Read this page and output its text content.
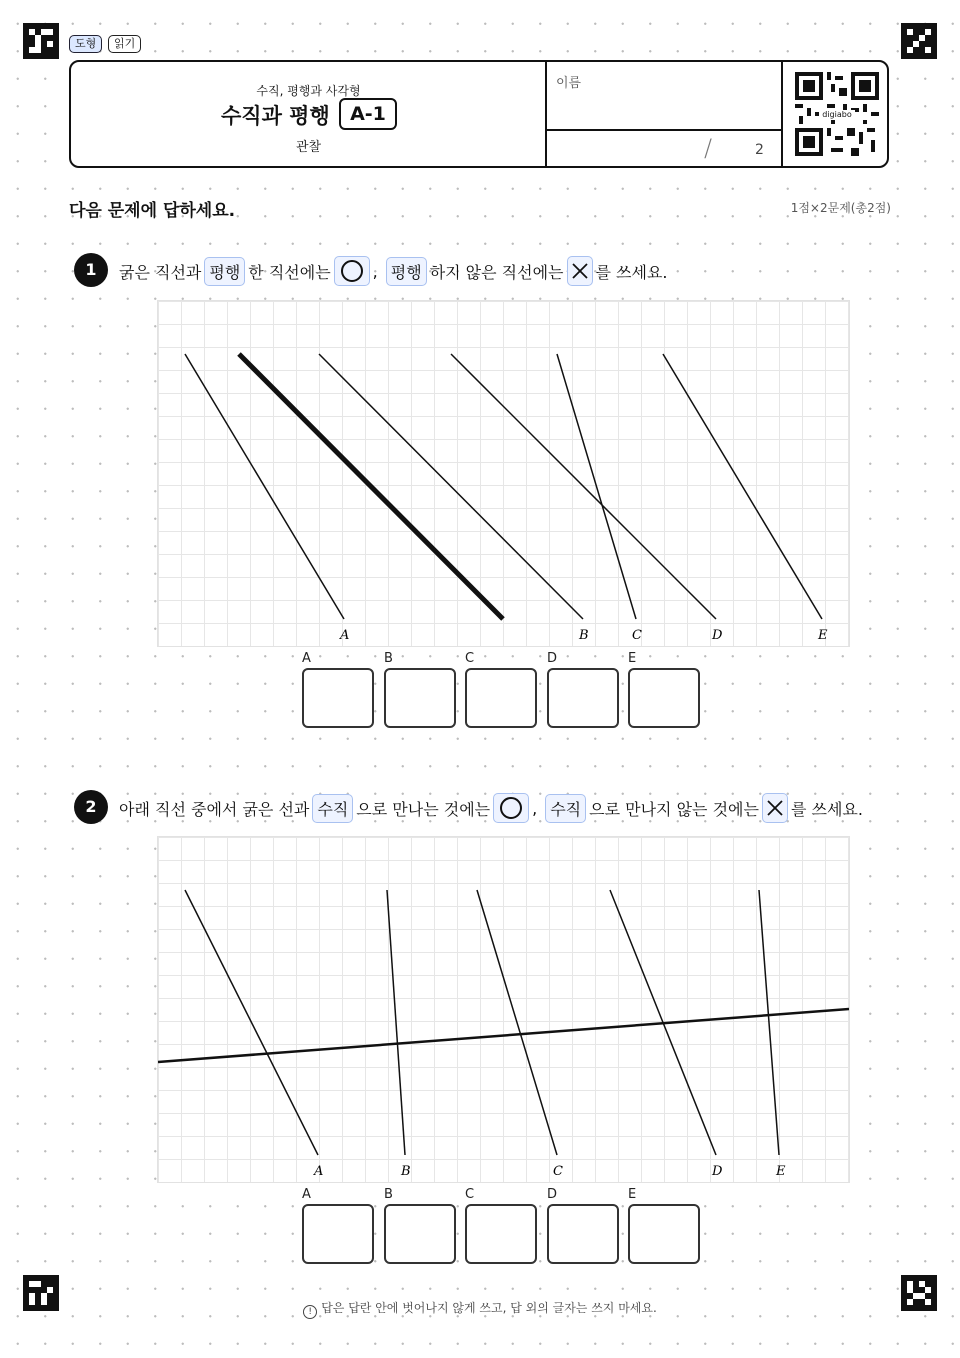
도형	읽기
수직, 평행과 사각형
수직과 평행	A-1
관찰
이름
/	2
digiabo
다음 문제에 답하세요.	1점×2문제(총2점)
1	굵은 직선과 평행 한 직선에는	, 평행 하지 않은 직선에는 를 쓰세요.
A	B	C	D	E
A	B	C	D	E
2	아래 직선 중에서 굵은 선과 수직 으로 만나는 것에는	, 수직 으로 만나지 않는 것에는 를 쓰세요.
A	B	C	D	E
A	B	C	D	E
! 답은 답란 안에 벗어나지 않게 쓰고, 답 외의 글자는 쓰지 마세요.
